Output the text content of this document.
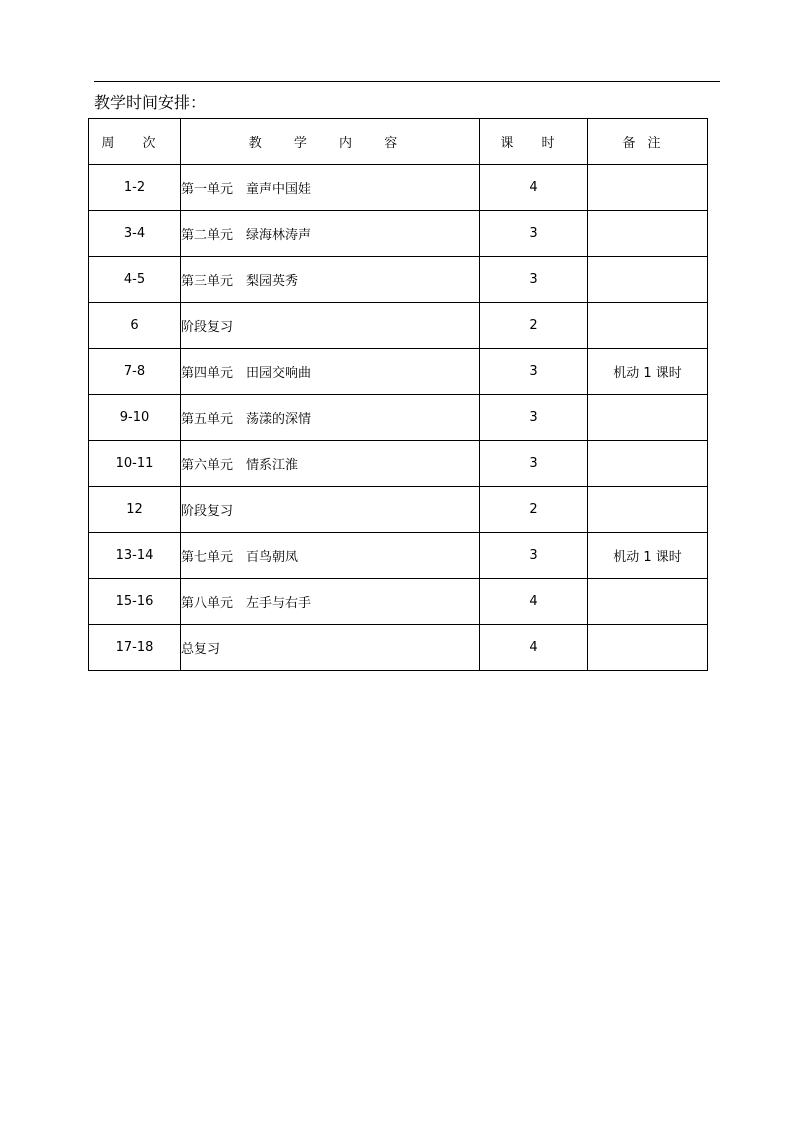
教学时间安排：
周 次	教 学 内 容	课 时	备注
1-2	第一单元　童声中国娃	4	
3-4	第二单元　绿海林涛声	3	
4-5	第三单元　梨园英秀	3	
6	阶段复习	2	
7-8	第四单元　田园交响曲	3	机动 1 课时
9-10	第五单元　荡漾的深情	3	
10-11	第六单元　情系江淮	3	
12	阶段复习	2	
13-14	第七单元　百鸟朝凤	3	机动 1 课时
15-16	第八单元　左手与右手	4	
17-18	总复习	4	
